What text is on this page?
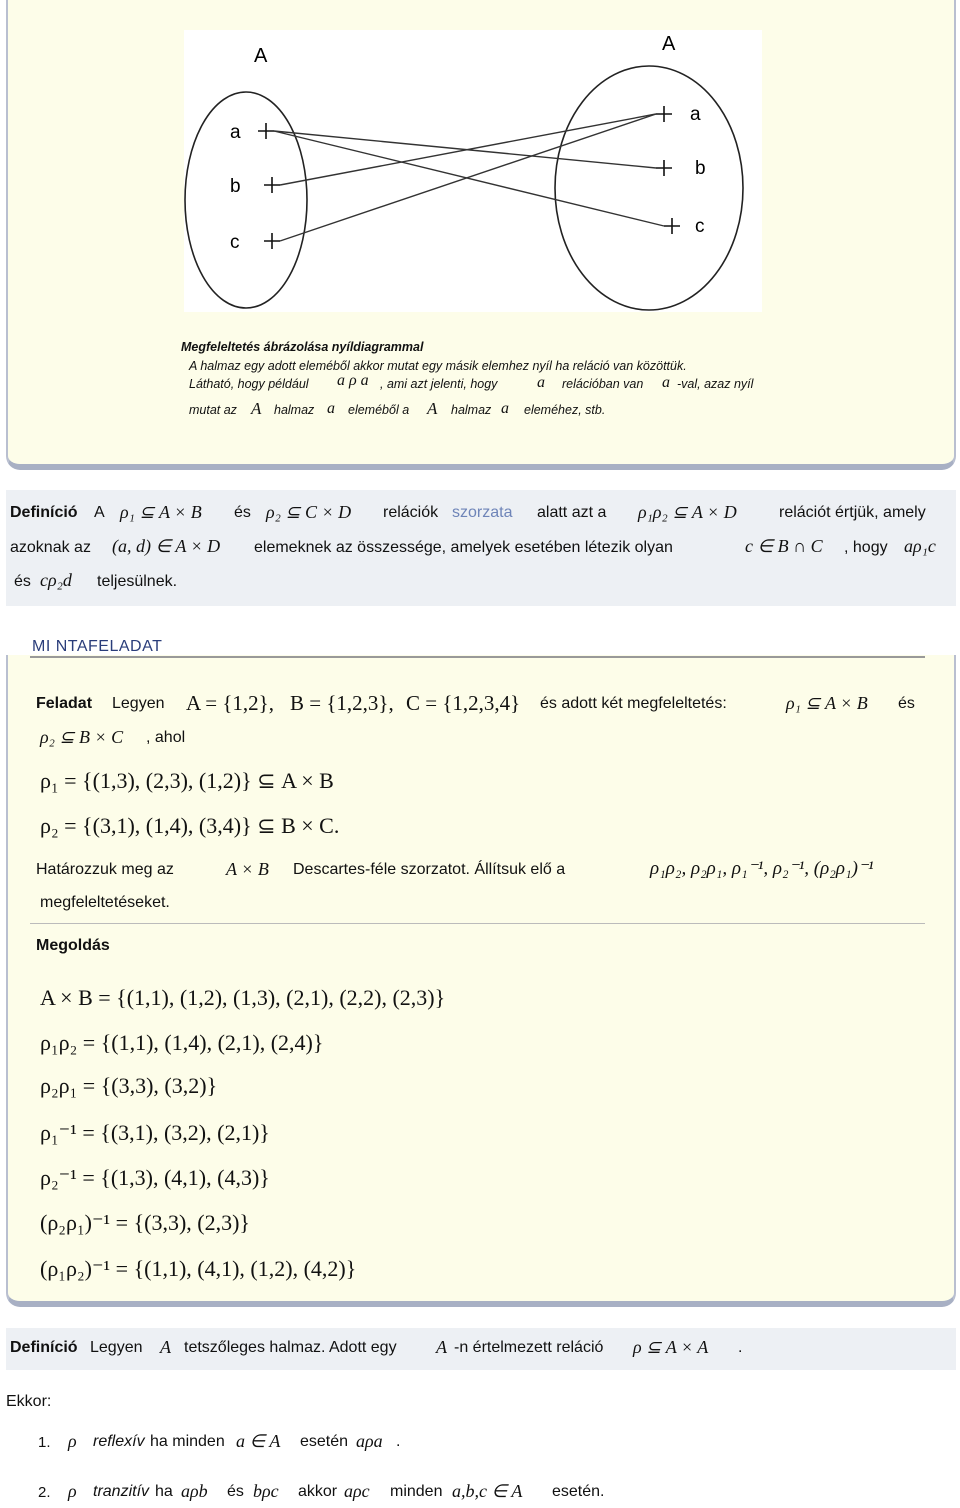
A
A
a
b
c
a
b
c
Megfeleltetés ábrázolása nyíldiagrammal
A halmaz egy adott eleméből akkor mutat egy másik elemhez nyíl ha reláció van közöttük.
Látható, hogy például a ρ a , ami azt jelenti, hogy a relációban van a -val, azaz nyíl
mutat az A halmaz a eleméből a A halmaz a eleméhez, stb.
Definíció A ρ₁ ⊆ A × B és ρ₂ ⊆ C × D relációk szorzata alatt azt a ρ₁ρ₂ ⊆ A × D	relációt értjük, amely
azoknak az (a, d) ∈ A × D elemeknek az összessége, amelyek esetében létezik olyan	c ∈ B ∩ C , hogy aρ₁c
és cρ₂d teljesülnek.
MI NTAFELADAT
Feladat Legyen A = {1,2}, B = {1,2,3}, C = {1,2,3,4} és adott két megfeleltetés:	ρ₁ ⊆ A × B és
ρ₂ ⊆ B × C , ahol
ρ₁ = {(1,3), (2,3), (1,2)} ⊆ A × B
ρ₂ = {(3,1), (1,4), (3,4)} ⊆ B × C.
Határozzuk meg az	A × B Descartes-féle szorzatot. Állítsuk elő a	ρ₁ρ₂, ρ₂ρ₁, ρ₁⁻¹, ρ₂⁻¹, (ρ₂ρ₁)⁻¹
megfeleltetéseket.
Megoldás
A × B = {(1,1), (1,2), (1,3), (2,1), (2,2), (2,3)}
ρ₁ρ₂ = {(1,1), (1,4), (2,1), (2,4)}
ρ₂ρ₁ = {(3,3), (3,2)}
ρ₁⁻¹ = {(3,1), (3,2), (2,1)}
ρ₂⁻¹ = {(1,3), (4,1), (4,3)}
(ρ₂ρ₁)⁻¹ = {(3,3), (2,3)}
(ρ₁ρ₂)⁻¹ = {(1,1), (4,1), (1,2), (4,2)}
Definíció Legyen A tetszőleges halmaz. Adott egy A -n értelmezett reláció ρ ⊆ A × A .
Ekkor:
1. ρ reflexív ha minden a ∈ A esetén aρa .
2. ρ tranzitív ha aρb és bρc akkor aρc minden a,b,c ∈ A esetén.
